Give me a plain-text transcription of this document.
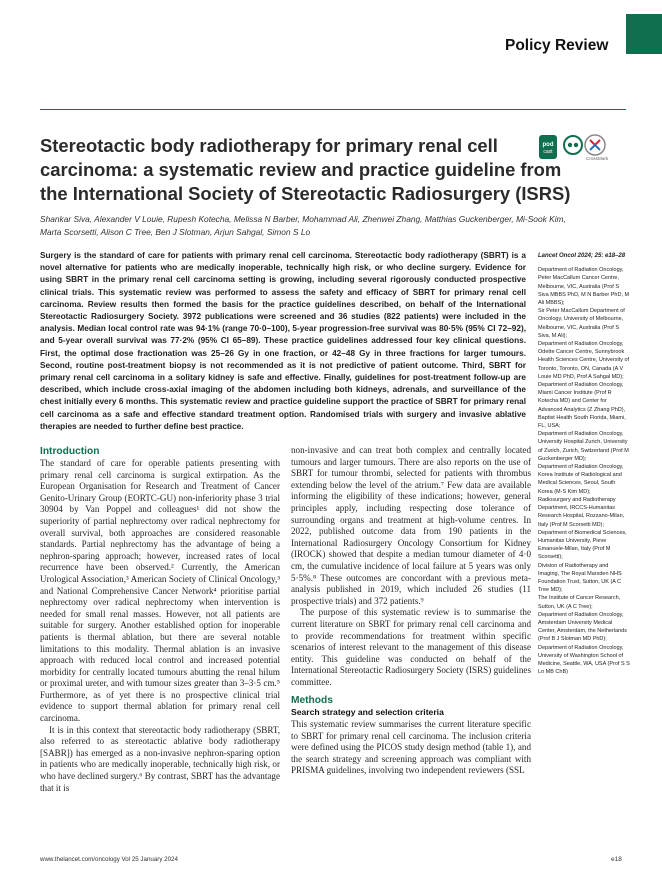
Policy Review
Stereotactic body radiotherapy for primary renal cell
carcinoma: a systematic review and practice guideline from
the International Society of Stereotactic Radiosurgery (ISRS)
pod
cast
CrossMark
Shankar Siva, Alexander V Louie, Rupesh Kotecha, Melissa N Barber, Mohammad Ali, Zhenwei Zhang, Matthias Guckenberger, Mi-Sook Kim,
Marta Scorsetti, Alison C Tree, Ben J Slotman, Arjun Sahgal, Simon S Lo
Surgery is the standard of care for patients with primary renal cell carcinoma. Stereotactic body radiotherapy (SBRT) is a novel alternative for patients who are medically inoperable, technically high risk, or who decline surgery. Evidence for using SBRT in the primary renal cell carcinoma setting is growing, including several rigorously conducted prospective clinical trials. This systematic review was performed to assess the safety and efficacy of SBRT for primary renal cell carcinoma. Review results then formed the basis for the practice guidelines described, on behalf of the International Stereotactic Radiosurgery Society. 3972 publications were screened and 36 studies (822 patients) were included in the analysis. Median local control rate was 94·1% (range 70·0–100), 5-year progression-free survival was 80·5% (95% CI 72–92), and 5-year overall survival was 77·2% (95% CI 65–89). These practice guidelines addressed four key clinical questions. First, the optimal dose fractionation was 25–26 Gy in one fraction, or 42–48 Gy in three fractions for larger tumours. Second, routine post-treatment biopsy is not recommended as it is not predictive of patient outcome. Third, SBRT for primary renal cell carcinoma in a solitary kidney is safe and effective. Finally, guidelines for post-treatment follow-up are described, which include cross-axial imaging of the abdomen including both kidneys, adrenals, and surveillance of the chest initially every 6 months. This systematic review and practice guideline support the practice of SBRT for primary renal cell carcinoma as a safe and effective standard treatment option. Randomised trials with surgery and invasive ablative therapies are needed to further define best practice.
Lancet Oncol 2024; 25: e18–28

Department of Radiation Oncology, Peter MacCallum Cancer Centre, Melbourne, VIC, Australia (Prof S Siva MBBS PhD, M N Barber PhD, M Ali MBBS);

Sir Peter MacCallum Department of Oncology, University of Melbourne, Melbourne, VIC, Australia (Prof S Siva, M Ali);

Department of Radiation Oncology, Odette Cancer Centre, Sunnybrook Health Sciences Centre, University of Toronto, Toronto, ON, Canada (A V Louie MD PhD, Prof A Sahgal MD);

Department of Radiation Oncology, Miami Cancer Institute (Prof R Kotecha MD) and Center for Advanced Analytics (Z Zhang PhD), Baptist Health South Florida, Miami, FL, USA;

Department of Radiation Oncology, University Hospital Zurich, University of Zurich, Zurich, Switzerland (Prof M Guckenberger MD);

Department of Radiation Oncology, Korea Institute of Radiological and Medical Sciences, Seoul, South Korea (M-S Kim MD);

Radiosurgery and Radiotherapy Department, IRCCS-Humanitas Research Hospital, Rozzano-Milan, Italy (Prof M Scorsetti MD);

Department of Biomedical Sciences, Humanitas University, Pieve Emanuele-Milan, Italy (Prof M Scorsetti);

Division of Radiotherapy and Imaging, The Royal Marsden NHS Foundation Trust, Sutton, UK (A C Tree MD);

The Institute of Cancer Research, Sutton, UK (A C Tree);

Department of Radiation Oncology, Amsterdam University Medical Center, Amsterdam, the Netherlands (Prof B J Slotman MD PhD);

Department of Radiation Oncology, University of Washington School of Medicine, Seattle, WA, USA (Prof S S Lo MB ChB)

Introduction

The standard of care for operable patients presenting with primary renal cell carcinoma is surgical extirpation. As the European Organisation for Research and Treatment of Cancer Genito-Urinary Group (EORTC-GU) non-inferiority phase 3 trial 30904 by Van Poppel and colleagues¹ did not show the superiority of partial nephrectomy over radical nephrectomy for overall survival, both approaches are considered reasonable standards. Partial nephrectomy has the advantage of being a nephron-sparing approach; however, increased rates of local recurrence have been observed.² Currently, the American Urological Association,³ American Society of Clinical Oncology,³ and National Comprehensive Cancer Network⁴ prioritise partial nephrectomy over radical nephrectomy when intervention is needed for small renal masses. However, not all patients are suitable for surgery. Another established option for inoperable patients is thermal ablation, but there are several notable limitations to this modality. Thermal ablation is an invasive approach with reduced local control and increased potential morbidity for centrally located tumours abutting the renal hilum or proximal ureter, and with tumour sizes greater than 3–3·5 cm.⁵ Furthermore, as of yet there is no prospective clinical trial evidence to support thermal ablation for primary renal cell carcinoma.

It is in this context that stereotactic body radiotherapy (SBRT, also referred to as stereotactic ablative body radiotherapy [SABR]) has emerged as a non-invasive nephron-sparing option in patients who are medically inoperable, technically high risk, or who have declined surgery.⁶ By contrast, SBRT has the advantage that it is

non-invasive and can treat both complex and centrally located tumours and larger tumours. There are also reports on the use of SBRT for tumour thrombi, selected for patients with thrombus extending below the level of the atrium.⁷ Few data are available informing the eligibility of these indications; however, general principles apply, including respecting dose tolerance of surrounding organs and treatment at high-volume centres. In 2022, published outcome data from 190 patients in the International Radiosurgery Oncology Consortium for Kidney (IROCK) showed that despite a median tumour diameter of 4·0 cm, the cumulative incidence of local failure at 5 years was only 5·5%.⁸ These outcomes are concordant with a previous meta-analysis published in 2019, which included 26 studies (11 prospective trials) and 372 patients.⁹

The purpose of this systematic review is to summarise the current literature on SBRT for primary renal cell carcinoma and to provide recommendations for treatment within specific scenarios of interest relevant to the management of this disease entity. This guideline was conducted on behalf of the International Stereotactic Radiosurgery Society (ISRS) guidelines committee.

Methods
Search strategy and selection criteria

This systematic review summarises the current literature specific to SBRT for primary renal cell carcinoma. The inclusion criteria were defined using the PICOS study design method (table 1), and the search strategy and screening approach was compliant with PRISMA guidelines, involving two independent reviewers (SSL

www.thelancet.com/oncology Vol 25 January 2024	e18
